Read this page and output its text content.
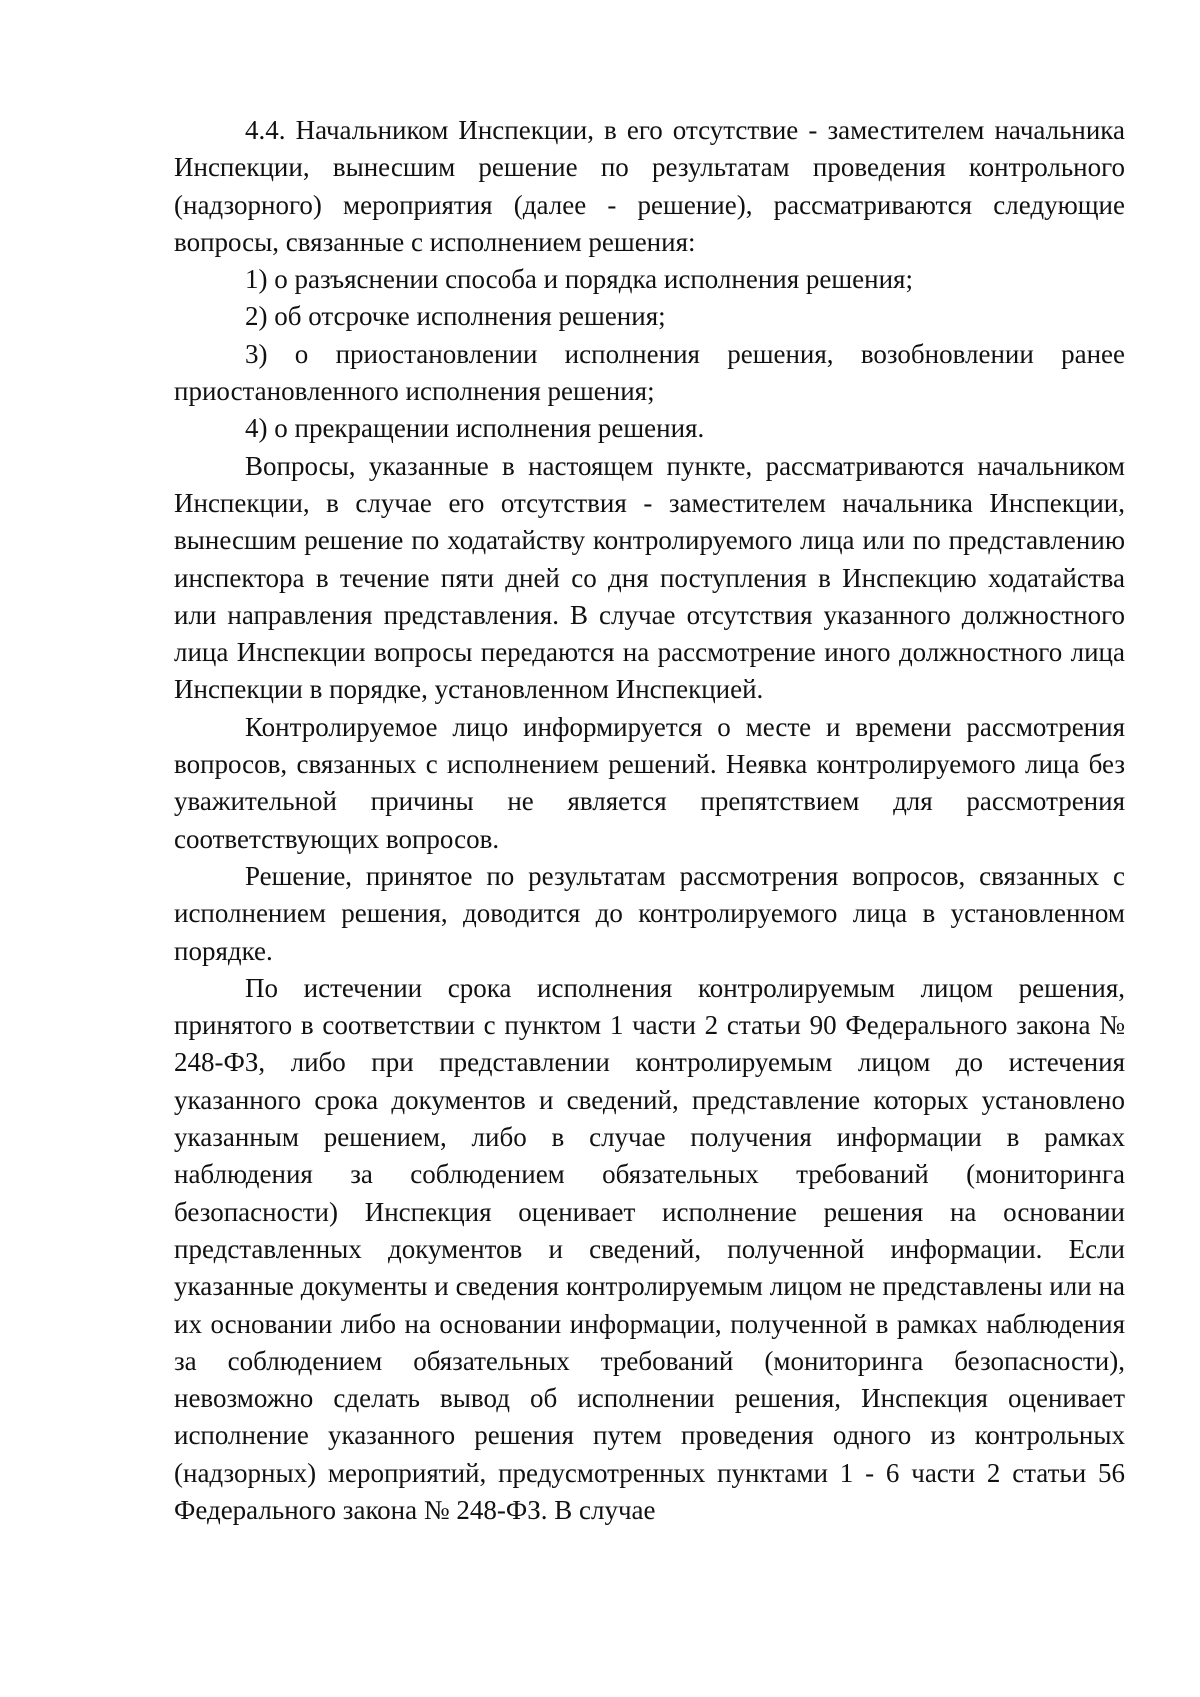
4.4. Начальником Инспекции, в его отсутствие - заместителем начальника Инспекции, вынесшим решение по результатам проведения контрольного (надзорного) мероприятия (далее - решение), рассматриваются следующие вопросы, связанные с исполнением решения:

1) о разъяснении способа и порядка исполнения решения;

2) об отсрочке исполнения решения;

3) о приостановлении исполнения решения, возобновлении ранее приостановленного исполнения решения;

4) о прекращении исполнения решения.

Вопросы, указанные в настоящем пункте, рассматриваются начальником Инспекции, в случае его отсутствия - заместителем начальника Инспекции, вынесшим решение по ходатайству контролируемого лица или по представлению инспектора в течение пяти дней со дня поступления в Инспекцию ходатайства или направления представления. В случае отсутствия указанного должностного лица Инспекции вопросы передаются на рассмотрение иного должностного лица Инспекции в порядке, установленном Инспекцией.

Контролируемое лицо информируется о месте и времени рассмотрения вопросов, связанных с исполнением решений. Неявка контролируемого лица без уважительной причины не является препятствием для рассмотрения соответствующих вопросов.

Решение, принятое по результатам рассмотрения вопросов, связанных с исполнением решения, доводится до контролируемого лица в установленном порядке.

По истечении срока исполнения контролируемым лицом решения, принятого в соответствии с пунктом 1 части 2 статьи 90 Федерального закона № 248-ФЗ, либо при представлении контролируемым лицом до истечения указанного срока документов и сведений, представление которых установлено указанным решением, либо в случае получения информации в рамках наблюдения за соблюдением обязательных требований (мониторинга безопасности) Инспекция оценивает исполнение решения на основании представленных документов и сведений, полученной информации. Если указанные документы и сведения контролируемым лицом не представлены или на их основании либо на основании информации, полученной в рамках наблюдения за соблюдением обязательных требований (мониторинга безопасности), невозможно сделать вывод об исполнении решения, Инспекция оценивает исполнение указанного решения путем проведения одного из контрольных (надзорных) мероприятий, предусмотренных пунктами 1 - 6 части 2 статьи 56 Федерального закона № 248-ФЗ. В случае
